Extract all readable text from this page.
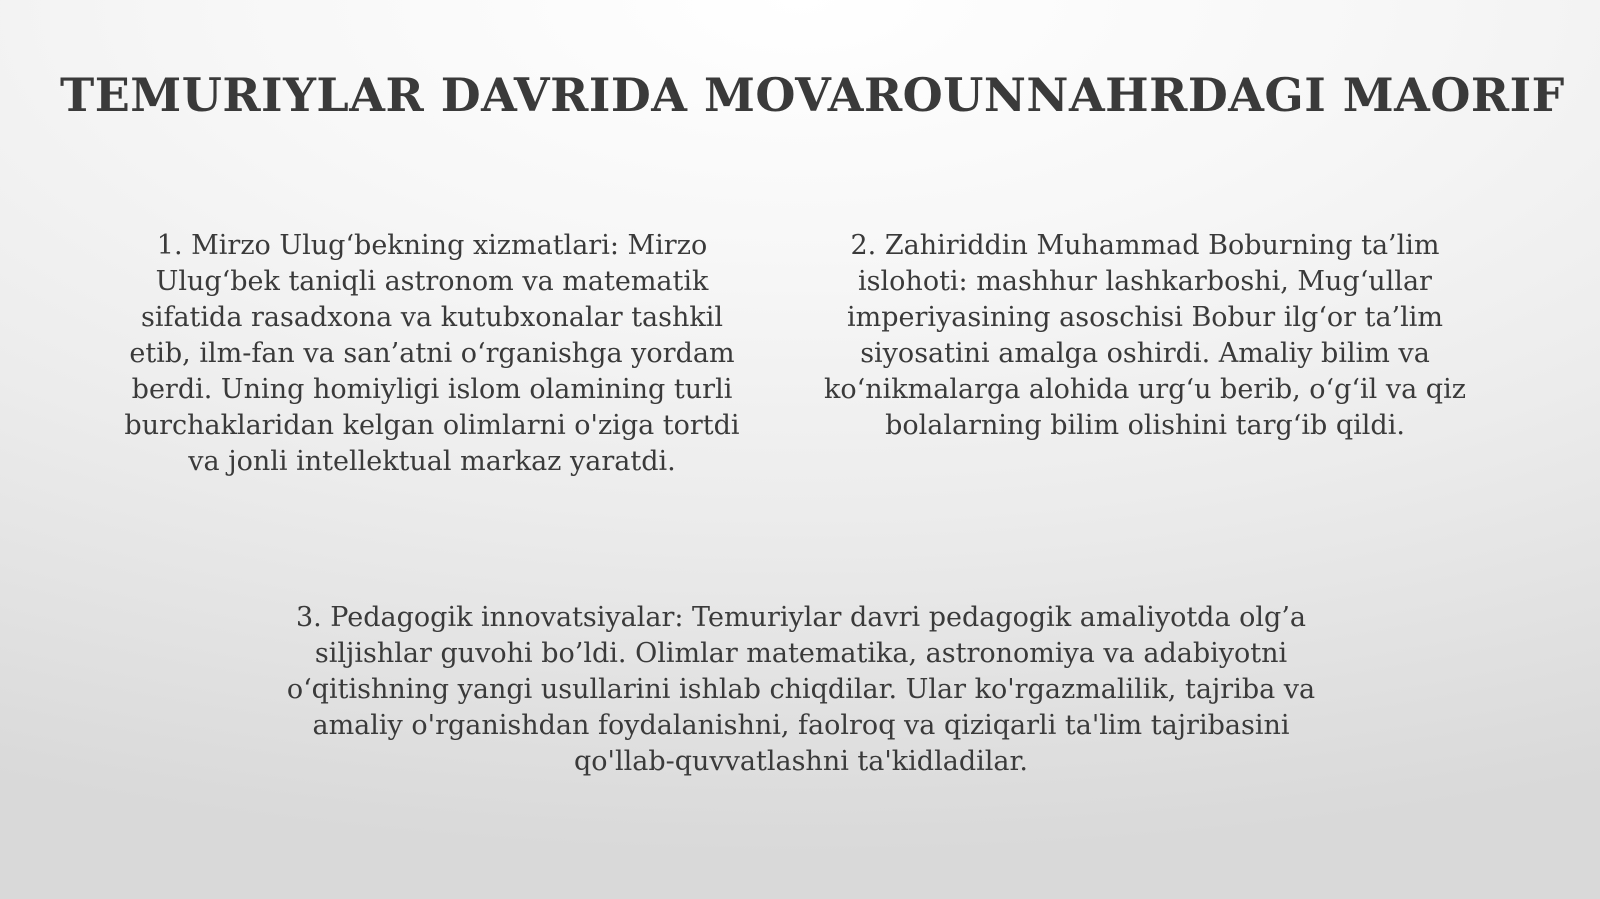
TEMURIYLAR DAVRIDA MOVAROUNNAHRDAGI MAORIF

1. Mirzo Ulug‘bekning xizmatlari: Mirzo Ulug‘bek taniqli astronom va matematik sifatida rasadxona va kutubxonalar tashkil etib, ilm-fan va san’atni o‘rganishga yordam berdi. Uning homiyligi islom olamining turli burchaklaridan kelgan olimlarni o'ziga tortdi va jonli intellektual markaz yaratdi.

2. Zahiriddin Muhammad Boburning ta’lim islohoti: mashhur lashkarboshi, Mug‘ullar imperiyasining asoschisi Bobur ilg‘or ta’lim siyosatini amalga oshirdi. Amaliy bilim va ko‘nikmalarga alohida urg‘u berib, o‘g‘il va qiz bolalarning bilim olishini targ‘ib qildi.

3. Pedagogik innovatsiyalar: Temuriylar davri pedagogik amaliyotda olg’a siljishlar guvohi bo’ldi. Olimlar matematika, astronomiya va adabiyotni o‘qitishning yangi usullarini ishlab chiqdilar. Ular ko'rgazmalilik, tajriba va amaliy o'rganishdan foydalanishni, faolroq va qiziqarli ta'lim tajribasini qo'llab-quvvatlashni ta'kidladilar.
